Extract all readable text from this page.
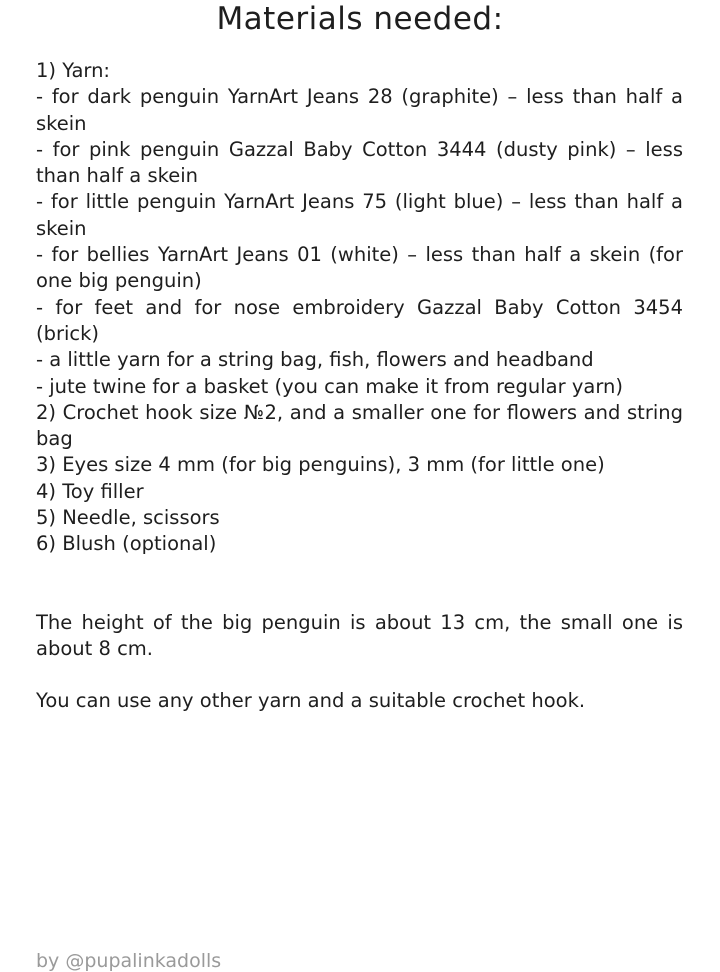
Materials needed:
1) Yarn:
- for dark penguin YarnArt Jeans 28 (graphite) – less than half a skein
- for pink penguin Gazzal Baby Cotton 3444 (dusty pink) – less than half a skein
- for little penguin YarnArt Jeans 75 (light blue) – less than half a skein
- for bellies YarnArt Jeans 01 (white) – less than half a skein (for one big penguin)
- for feet and for nose embroidery Gazzal Baby Cotton 3454 (brick)
- a little yarn for a string bag, fish, flowers and headband
- jute twine for a basket (you can make it from regular yarn)
2) Crochet hook size №2, and a smaller one for flowers and string bag
3) Eyes size 4 mm (for big penguins), 3 mm (for little one)
4) Toy filler
5) Needle, scissors
6) Blush (optional)
The height of the big penguin is about 13 cm, the small one is about 8 cm.
You can use any other yarn and a suitable crochet hook.
by @pupalinkadolls
